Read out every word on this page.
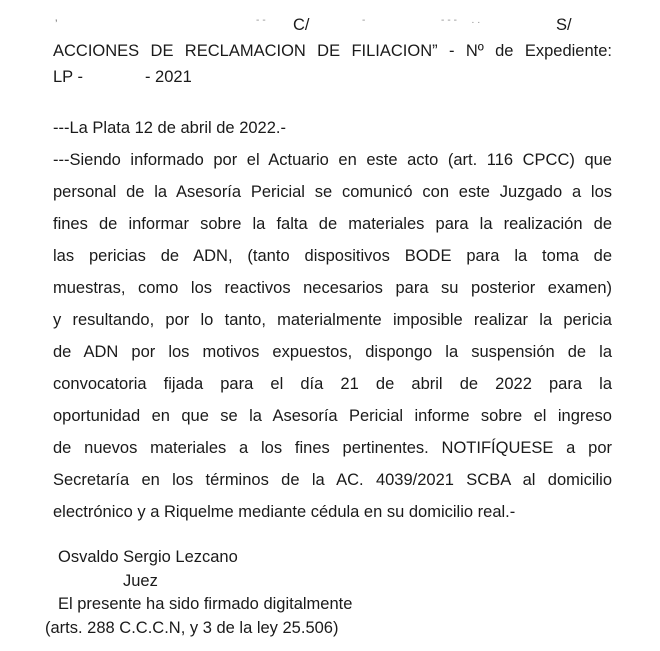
’	-- C/	-	---  ..	S/
ACCIONES DE RECLAMACION DE FILIACION” - Nº de Expediente:
LP -	- 2021
---La Plata 12 de abril de 2022.-
---Siendo informado por el Actuario en este acto (art. 116 CPCC) que
personal de la Asesoría Pericial se comunicó con este Juzgado a los
fines de informar sobre la falta de materiales para la realización de
las pericias de ADN, (tanto dispositivos BODE para la toma de
muestras, como los reactivos necesarios para su posterior examen)
y resultando, por lo tanto, materialmente imposible realizar la pericia
de ADN por los motivos expuestos, dispongo la suspensión de la
convocatoria fijada para el día 21 de abril de 2022 para la
oportunidad en que se la Asesoría Pericial informe sobre el ingreso
de nuevos materiales a los fines pertinentes. NOTIFÍQUESE a por
Secretaría en los términos de la AC. 4039/2021 SCBA al domicilio
electrónico y a Riquelme mediante cédula en su domicilio real.-
Osvaldo Sergio Lezcano
Juez
El presente ha sido firmado digitalmente
(arts. 288 C.C.C.N, y 3 de la ley 25.506)
